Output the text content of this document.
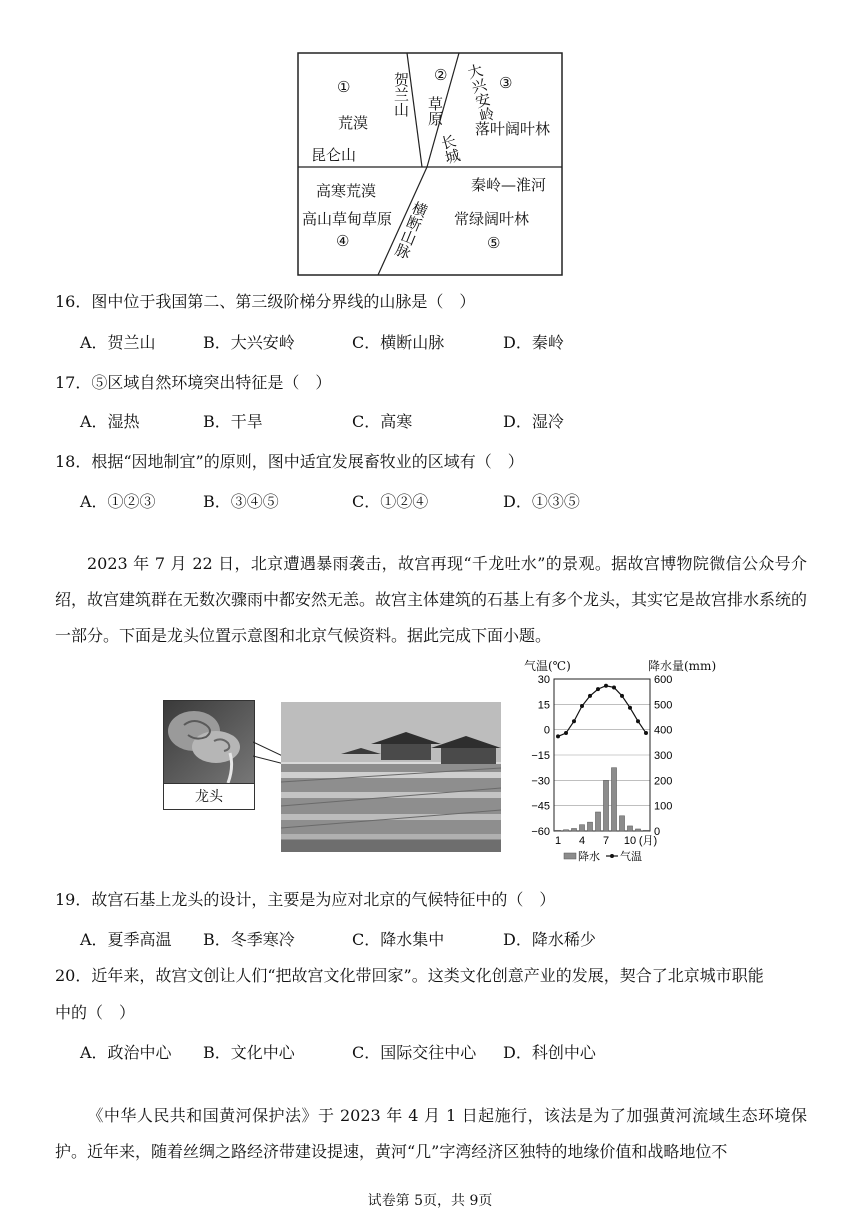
①
荒漠
昆仑山
贺兰山 ②
草原 大兴安岭
长城
③
落叶阔叶林
高寒荒漠
高山草甸草原
④	横断山脉
秦岭—淮河
常绿阔叶林
⑤
16．图中位于我国第二、第三级阶梯分界线的山脉是（　）
A．贺兰山	B．大兴安岭	C．横断山脉	D．秦岭
17．⑤区域自然环境突出特征是（　）
A．湿热	B．干旱	C．高寒	D．湿冷
18．根据“因地制宜”的原则，图中适宜发展畜牧业的区域有（　）
A．①②③	B．③④⑤	C．①②④	D．①③⑤

2023 年 7 月 22 日，北京遭遇暴雨袭击，故宫再现“千龙吐水”的景观。据故宫博物院微信公众号介绍，故宫建筑群在无数次骤雨中都安然无恙。故宫主体建筑的石基上有多个龙头，其实它是故宫排水系统的一部分。下面是龙头位置示意图和北京气候资料。据此完成下面小题。

龙头
气温(℃)	降水量(mm)
30
15
0
−15
−30
−45
−60
600
500
400
300
200
100
0
1 4 7 10 (月)
降水 气温
19．故宫石基上龙头的设计，主要是为应对北京的气候特征中的（　）
A．夏季高温 B．冬季寒冷	C．降水集中	D．降水稀少
20．近年来，故宫文创让人们“把故宫文化带回家”。这类文化创意产业的发展，契合了北京城市职能
中的（　）
A．政治中心 B．文化中心	C．国际交往中心 D．科创中心

《中华人民共和国黄河保护法》于 2023 年 4 月 1 日起施行，该法是为了加强黄河流域生态环境保护。近年来，随着丝绸之路经济带建设提速，黄河“几”字湾经济区独特的地缘价值和战略地位不

试卷第 5页，共 9页
